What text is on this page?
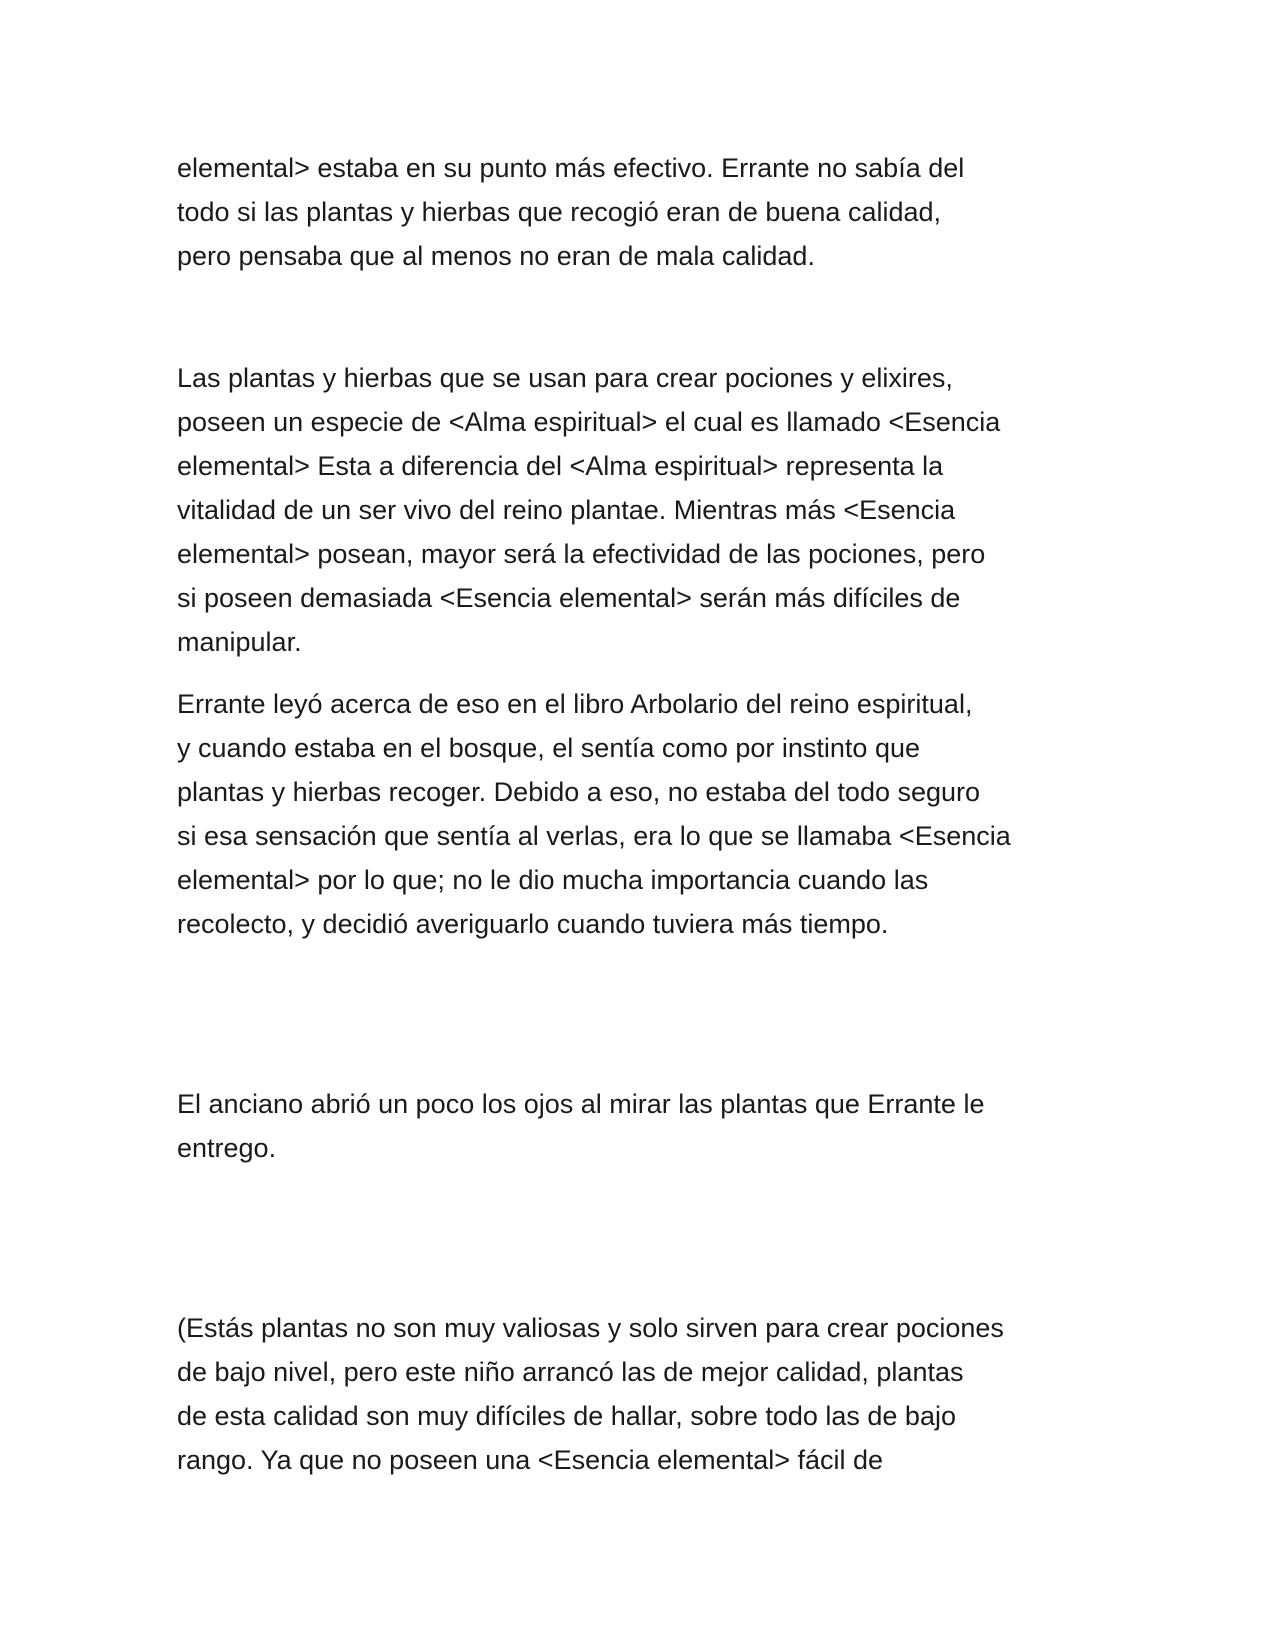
elemental> estaba en su punto más efectivo. Errante no sabía del
todo si las plantas y hierbas que recogió eran de buena calidad,
pero pensaba que al menos no eran de mala calidad.

Las plantas y hierbas que se usan para crear pociones y elixires,
poseen un especie de <Alma espiritual> el cual es llamado <Esencia
elemental> Esta a diferencia del <Alma espiritual> representa la
vitalidad de un ser vivo del reino plantae. Mientras más <Esencia
elemental> posean, mayor será la efectividad de las pociones, pero
si poseen demasiada <Esencia elemental> serán más difíciles de
manipular.

Errante leyó acerca de eso en el libro Arbolario del reino espiritual,
y cuando estaba en el bosque, el sentía como por instinto que
plantas y hierbas recoger. Debido a eso, no estaba del todo seguro
si esa sensación que sentía al verlas, era lo que se llamaba <Esencia
elemental> por lo que; no le dio mucha importancia cuando las
recolecto, y decidió averiguarlo cuando tuviera más tiempo.

El anciano abrió un poco los ojos al mirar las plantas que Errante le
entrego.

(Estás plantas no son muy valiosas y solo sirven para crear pociones
de bajo nivel, pero este niño arrancó las de mejor calidad, plantas
de esta calidad son muy difíciles de hallar, sobre todo las de bajo
rango. Ya que no poseen una <Esencia elemental> fácil de
